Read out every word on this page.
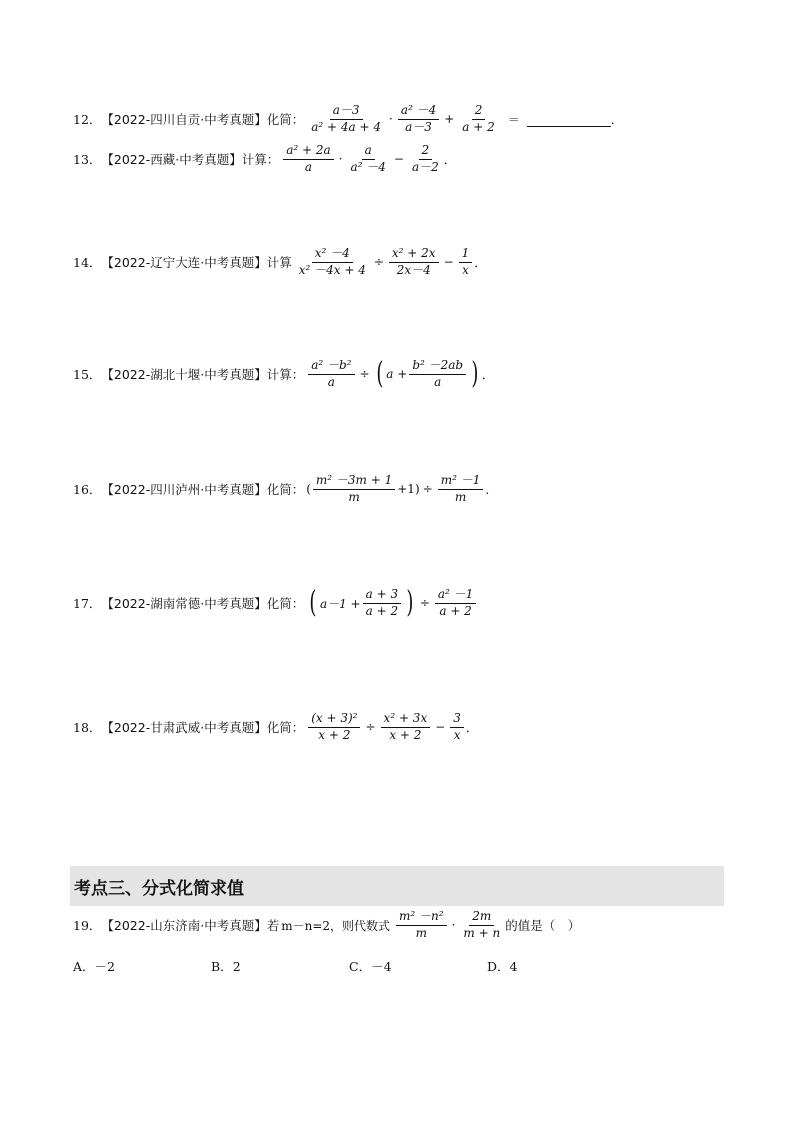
12． 【2022-四川自贡·中考真题】 化简： $\frac{a-3}{\text{a² + 4a + 4}} \cdot \frac{\text{a² －4}}{a-3} + \frac{2}{a + 2}$ ＝	．
13． 【2022-西藏·中考真题】 计算： $\frac{\text{a² + 2a}}{a} \cdot \frac{a}{\text{a² －4}} - \frac{2}{a-2}$ ．
14． 【2022-辽宁大连·中考真题】 计算 $\frac{\text{x² －4}}{\text{x² －4x + 4}} \div \frac{\text{x² + 2x}}{2x-4} - \frac{1}{x}$ ．
15． 【2022-湖北十堰·中考真题】 计算： $\frac{\text{a² －b²}}{a}$ ÷ ( $a + \frac{\text{b² －2ab}}{a}$ ) ．
16． 【2022-四川泸州·中考真题】 化简： ( $\frac{\text{m² －3m + 1}}{m} +1) \div \frac{\text{m² －1}}{m}$ .
17． 【2022-湖南常德·中考真题】 化简： ( $a-1 + \frac{a + 3}{a + 2}$ ) ÷ $\frac{\text{a² －1}}{a + 2}$
18． 【2022-甘肃武威·中考真题】 化简： $\frac{\text{(x + 3)²}}{x + 2} \div \frac{\text{x² + 3x}}{x + 2} - \frac{3}{x}$ ．
考点三、分式化简求值
19． 【2022-山东济南·中考真题】 若 m－n=2，则代数式 $\frac{\text{m² －n²}}{m} \cdot \frac{2m}{m + n}$ 的值是（　）
A．－2	B．2	C．－4	D．4
